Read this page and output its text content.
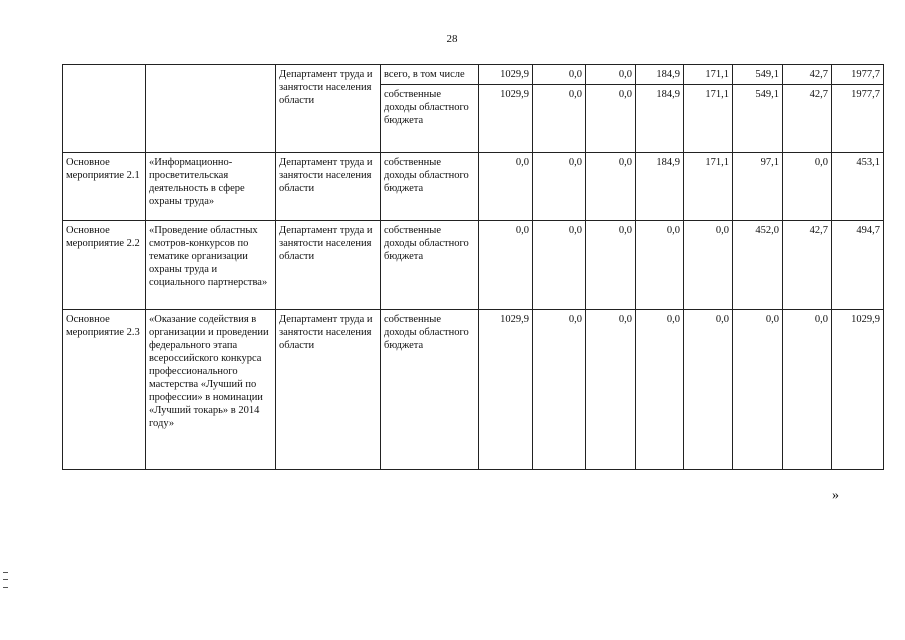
28
		Департамент труда и занятости населения области	всего, в том числе	1029,9	0,0	0,0	184,9	171,1	549,1	42,7	1977,7
			собственные доходы областного бюджета	1029,9	0,0	0,0	184,9	171,1	549,1	42,7	1977,7
Основное мероприятие 2.1	«Информационно-просветительская деятельность в сфере охраны труда»	Департамент труда и занятости населения области	собственные доходы областного бюджета	0,0	0,0	0,0	184,9	171,1	97,1	0,0	453,1
Основное мероприятие 2.2	«Проведение областных смотров-конкурсов по тематике организации охраны труда и социального партнерства»	Департамент труда и занятости населения области	собственные доходы областного бюджета	0,0	0,0	0,0	0,0	0,0	452,0	42,7	494,7
Основное мероприятие 2.3	«Оказание содействия в организации и проведении федерального этапа всероссийского конкурса профессионального мастерства «Лучший по профессии» в номинации «Лучший токарь» в 2014 году»	Департамент труда и занятости населения области	собственные доходы областного бюджета	1029,9	0,0	0,0	0,0	0,0	0,0	0,0	1029,9
»
